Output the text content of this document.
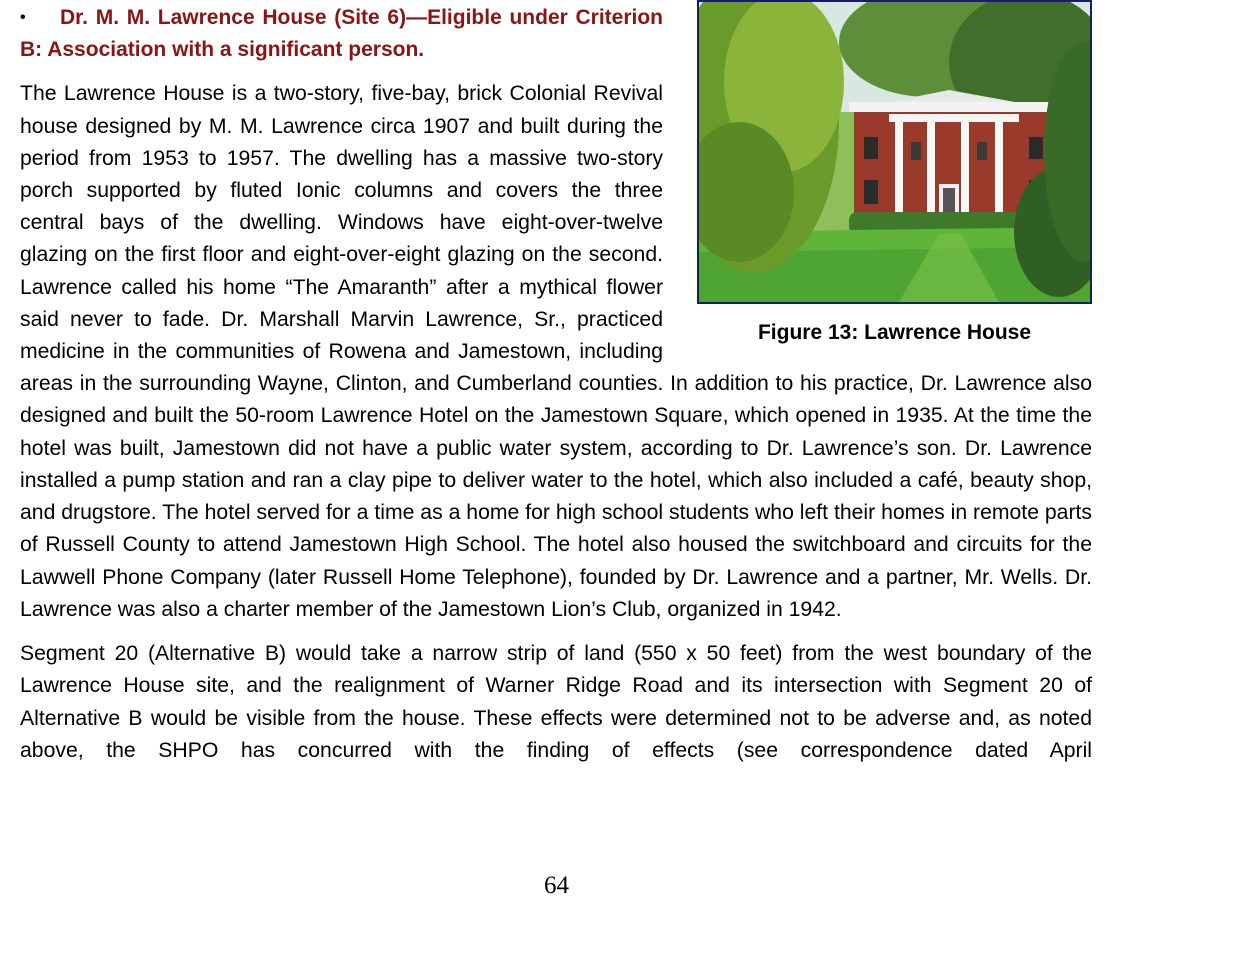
Figure 13: Lawrence House

• Dr. M. M. Lawrence House (Site 6)—Eligible under Criterion B: Association with a significant person.

The Lawrence House is a two-story, five-bay, brick Colonial Revival house designed by M. M. Lawrence circa 1907 and built during the period from 1953 to 1957. The dwelling has a massive two-story porch supported by fluted Ionic columns and covers the three central bays of the dwelling. Windows have eight-over-twelve glazing on the first floor and eight-over-eight glazing on the second. Lawrence called his home “The Amaranth” after a mythical flower said never to fade. Dr. Marshall Marvin Lawrence, Sr., practiced medicine in the communities of Rowena and Jamestown, including areas in the surrounding Wayne, Clinton, and Cumberland counties. In addition to his practice, Dr. Lawrence also designed and built the 50-room Lawrence Hotel on the Jamestown Square, which opened in 1935. At the time the hotel was built, Jamestown did not have a public water system, according to Dr. Lawrence’s son. Dr. Lawrence installed a pump station and ran a clay pipe to deliver water to the hotel, which also included a café, beauty shop, and drugstore. The hotel served for a time as a home for high school students who left their homes in remote parts of Russell County to attend Jamestown High School. The hotel also housed the switchboard and circuits for the Lawwell Phone Company (later Russell Home Telephone), founded by Dr. Lawrence and a partner, Mr. Wells. Dr. Lawrence was also a charter member of the Jamestown Lion’s Club, organized in 1942.

Segment 20 (Alternative B) would take a narrow strip of land (550 x 50 feet) from the west boundary of the Lawrence House site, and the realignment of Warner Ridge Road and its intersection with Segment 20 of Alternative B would be visible from the house. These effects were determined not to be adverse and, as noted above, the SHPO has concurred with the finding of effects (see correspondence dated April

64
